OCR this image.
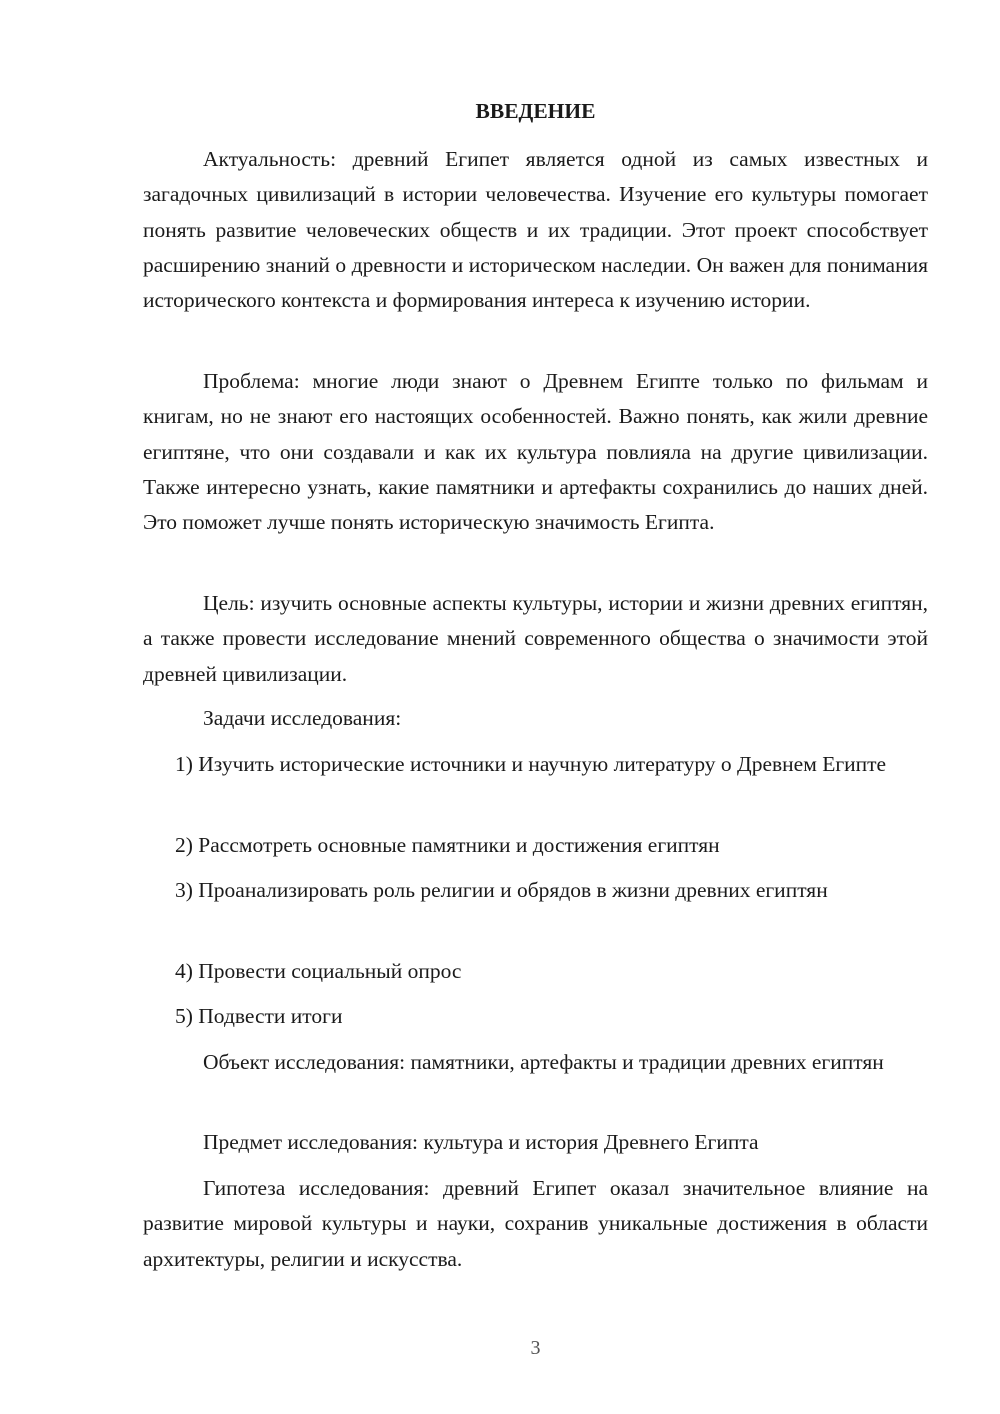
ВВЕДЕНИЕ

Актуальность: древний Египет является одной из самых известных и загадочных цивилизаций в истории человечества. Изучение его культуры помогает понять развитие человеческих обществ и их традиции. Этот проект способствует расширению знаний о древности и историческом наследии. Он важен для понимания исторического контекста и формирования интереса к изучению истории.

Проблема: многие люди знают о Древнем Египте только по фильмам и книгам, но не знают его настоящих особенностей. Важно понять, как жили древние египтяне, что они создавали и как их культура повлияла на другие цивилизации. Также интересно узнать, какие памятники и артефакты сохранились до наших дней. Это поможет лучше понять историческую значимость Египта.

Цель: изучить основные аспекты культуры, истории и жизни древних египтян, а также провести исследование мнений современного общества о значимости этой древней цивилизации.

Задачи исследования:

1) Изучить исторические источники и научную литературу о Древнем Египте

2) Рассмотреть основные памятники и достижения египтян

3) Проанализировать роль религии и обрядов в жизни древних египтян

4) Провести социальный опрос

5) Подвести итоги

Объект исследования: памятники, артефакты и традиции древних египтян

Предмет исследования: культура и история Древнего Египта

Гипотеза исследования: древний Египет оказал значительное влияние на развитие мировой культуры и науки, сохранив уникальные достижения в области архитектуры, религии и искусства.

3
